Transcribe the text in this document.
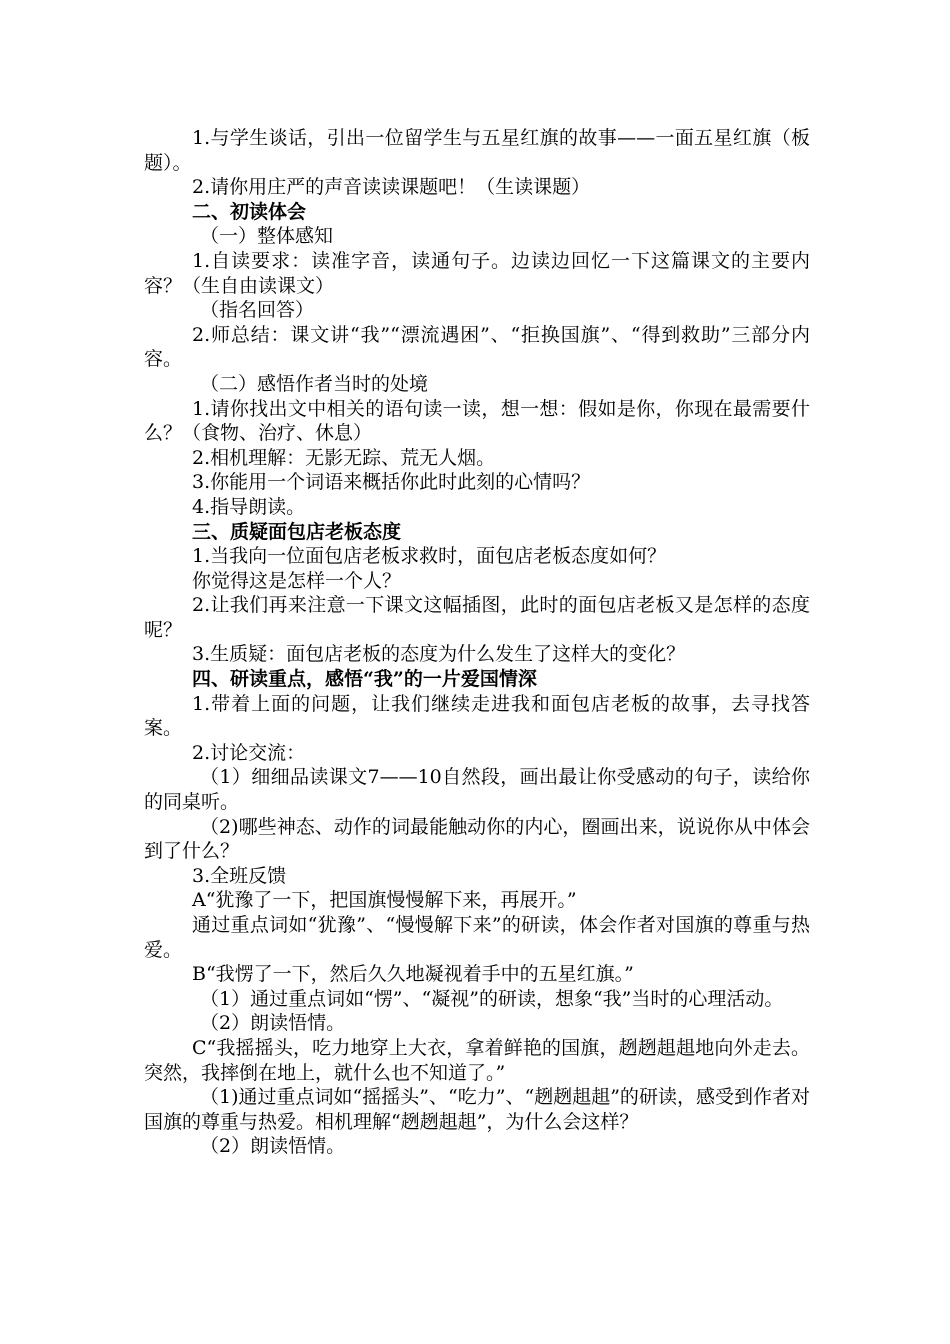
1.与学生谈话，引出一位留学生与五星红旗的故事——一面五星红旗（板题）。

2.请你用庄严的声音读读课题吧！（生读课题）

二、初读体会

（一）整体感知

1.自读要求：读准字音，读通句子。边读边回忆一下这篇课文的主要内容？（生自由读课文）

（指名回答）

2.师总结：课文讲“我”“漂流遇困”、“拒换国旗”、“得到救助”三部分内容。

（二）感悟作者当时的处境

1.请你找出文中相关的语句读一读，想一想：假如是你，你现在最需要什么？（食物、治疗、休息）

2.相机理解：无影无踪、荒无人烟。

3.你能用一个词语来概括你此时此刻的心情吗？

4.指导朗读。

三、质疑面包店老板态度

1.当我向一位面包店老板求救时，面包店老板态度如何？

你觉得这是怎样一个人？

2.让我们再来注意一下课文这幅插图，此时的面包店老板又是怎样的态度呢？

3.生质疑：面包店老板的态度为什么发生了这样大的变化？

四、研读重点，感悟“我”的一片爱国情深

1.带着上面的问题，让我们继续走进我和面包店老板的故事，去寻找答案。

2.讨论交流：

（1）细细品读课文7——10自然段，画出最让你受感动的句子，读给你的同桌听。

（2)哪些神态、动作的词最能触动你的内心，圈画出来，说说你从中体会到了什么？

3.全班反馈

A“犹豫了一下，把国旗慢慢解下来，再展开。”

通过重点词如“犹豫”、“慢慢解下来”的研读，体会作者对国旗的尊重与热爱。

B“我愣了一下，然后久久地凝视着手中的五星红旗。”

（1）通过重点词如“愣”、“凝视”的研读，想象“我”当时的心理活动。

（2）朗读悟情。

C“我摇摇头，吃力地穿上大衣，拿着鲜艳的国旗，趔趔趄趄地向外走去。突然，我摔倒在地上，就什么也不知道了。”

（1)通过重点词如“摇摇头”、“吃力”、“趔趔趄趄”的研读，感受到作者对国旗的尊重与热爱。相机理解“趔趔趄趄”，为什么会这样？

（2）朗读悟情。
